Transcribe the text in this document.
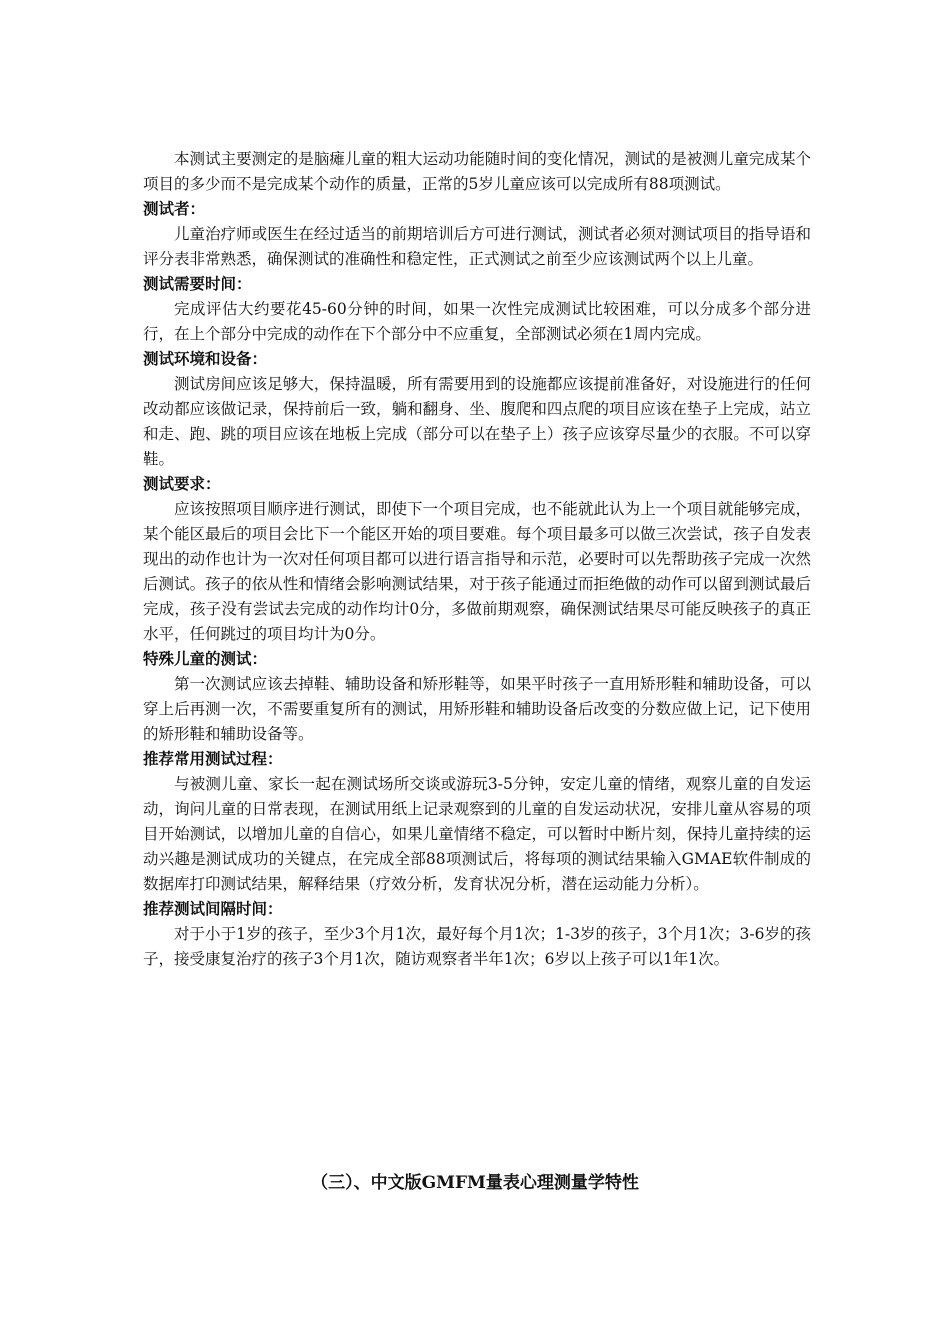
本测试主要测定的是脑瘫儿童的粗大运动功能随时间的变化情况，测试的是被测儿童完成某个项目的多少而不是完成某个动作的质量，正常的5岁儿童应该可以完成所有88项测试。

测试者：

儿童治疗师或医生在经过适当的前期培训后方可进行测试，测试者必须对测试项目的指导语和评分表非常熟悉，确保测试的准确性和稳定性，正式测试之前至少应该测试两个以上儿童。

测试需要时间：

完成评估大约要花45-60分钟的时间，如果一次性完成测试比较困难，可以分成多个部分进行，在上个部分中完成的动作在下个部分中不应重复，全部测试必须在1周内完成。

测试环境和设备：

测试房间应该足够大，保持温暖，所有需要用到的设施都应该提前准备好，对设施进行的任何改动都应该做记录，保持前后一致，躺和翻身、坐、腹爬和四点爬的项目应该在垫子上完成，站立和走、跑、跳的项目应该在地板上完成（部分可以在垫子上）孩子应该穿尽量少的衣服。不可以穿鞋。

测试要求：

应该按照项目顺序进行测试，即使下一个项目完成，也不能就此认为上一个项目就能够完成，某个能区最后的项目会比下一个能区开始的项目要难。每个项目最多可以做三次尝试，孩子自发表现出的动作也计为一次对任何项目都可以进行语言指导和示范，必要时可以先帮助孩子完成一次然后测试。孩子的依从性和情绪会影响测试结果，对于孩子能通过而拒绝做的动作可以留到测试最后完成，孩子没有尝试去完成的动作均计0分，多做前期观察，确保测试结果尽可能反映孩子的真正水平，任何跳过的项目均计为0分。

特殊儿童的测试：

第一次测试应该去掉鞋、辅助设备和矫形鞋等，如果平时孩子一直用矫形鞋和辅助设备，可以穿上后再测一次，不需要重复所有的测试，用矫形鞋和辅助设备后改变的分数应做上记，记下使用的矫形鞋和辅助设备等。

推荐常用测试过程：

与被测儿童、家长一起在测试场所交谈或游玩3-5分钟，安定儿童的情绪，观察儿童的自发运动，询问儿童的日常表现，在测试用纸上记录观察到的儿童的自发运动状况，安排儿童从容易的项目开始测试，以增加儿童的自信心，如果儿童情绪不稳定，可以暂时中断片刻，保持儿童持续的运动兴趣是测试成功的关键点，在完成全部88项测试后，将每项的测试结果输入GMAE软件制成的数据库打印测试结果，解释结果（疗效分析，发育状况分析，潜在运动能力分析）。

推荐测试间隔时间：

对于小于1岁的孩子，至少3个月1次，最好每个月1次；1-3岁的孩子，3个月1次；3-6岁的孩子，接受康复治疗的孩子3个月1次，随访观察者半年1次；6岁以上孩子可以1年1次。

（三）、中文版GMFM量表心理测量学特性
